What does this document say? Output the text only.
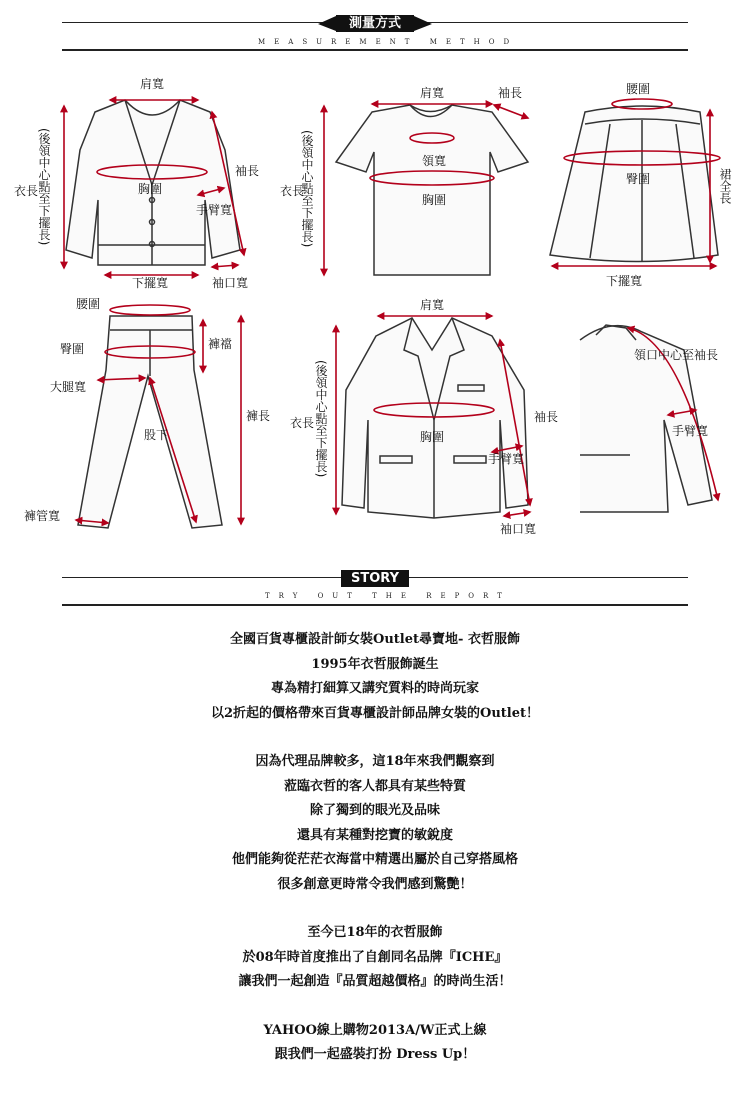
測量方式
MEASUREMENT METHOD
STORY
TRY OUT THE REPORT
肩寬
(後領中心點至下擺長)
衣長
袖長
胸圍
手臂寬
下擺寬	袖口寬
肩寬	袖長
領寬
胸圍
(後領中心點至下擺長)
衣長
腰圍
臀圍	裙全長
下擺寬
腰圍
臀圍	褲襠
大腿寬
股下
褲長
褲管寬
肩寬
(後領中心點至下擺長)
衣長	袖長
胸圍
手臂寬
袖口寬
領口中心至袖長
手臂寬
全國百貨專櫃設計師女裝Outlet尋寶地- 衣哲服飾
1995年衣哲服飾誕生
專為精打細算又講究質料的時尚玩家
以2折起的價格帶來百貨專櫃設計師品牌女裝的Outlet！
因為代理品牌較多，這18年來我們觀察到
蒞臨衣哲的客人都具有某些特質
除了獨到的眼光及品味
還具有某種對挖寶的敏銳度
他們能夠從茫茫衣海當中精選出屬於自己穿搭風格
很多創意更時常令我們感到驚艷！
至今已18年的衣哲服飾
於08年時首度推出了自創同名品牌『ICHE』
讓我們一起創造『品質超越價格』的時尚生活！
YAHOO線上購物2013A/W正式上線
跟我們一起盛裝打扮 Dress Up！
